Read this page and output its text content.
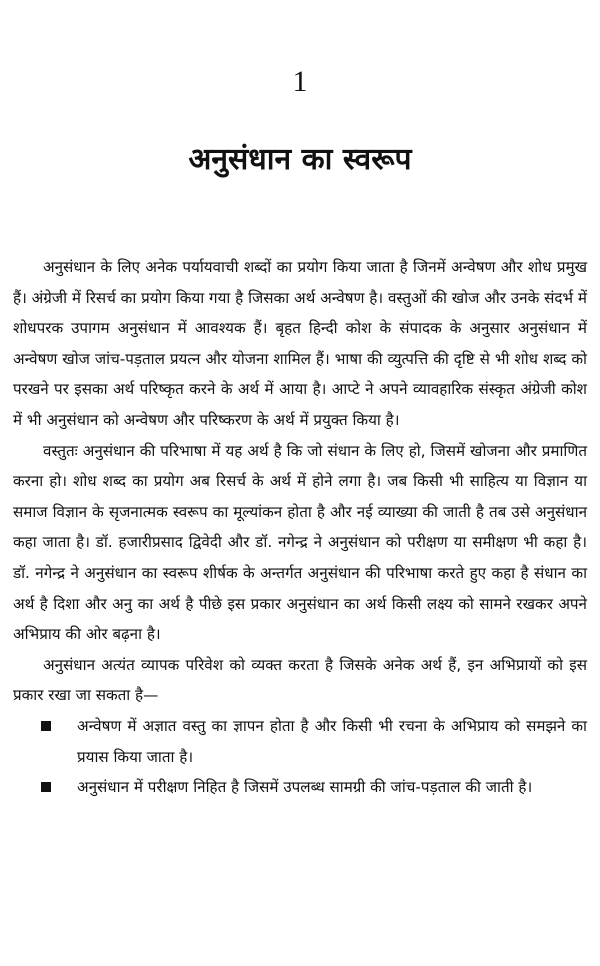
1
अनुसंधान का स्वरूप

अनुसंधान के लिए अनेक पर्यायवाची शब्दों का प्रयोग किया जाता है जिनमें अन्वेषण और शोध प्रमुख हैं। अंग्रेजी में रिसर्च का प्रयोग किया गया है जिसका अर्थ अन्वेषण है। वस्तुओं की खोज और उनके संदर्भ में शोधपरक उपागम अनुसंधान में आवश्यक हैं। बृहत हिन्दी कोश के संपादक के अनुसार अनुसंधान में अन्वेषण खोज जांच-पड़ताल प्रयत्न और योजना शामिल हैं। भाषा की व्युत्पत्ति की दृष्टि से भी शोध शब्द को परखने पर इसका अर्थ परिष्कृत करने के अर्थ में आया है। आप्टे ने अपने व्यावहारिक संस्कृत अंग्रेजी कोश में भी अनुसंधान को अन्वेषण और परिष्करण के अर्थ में प्रयुक्त किया है।

वस्तुतः अनुसंधान की परिभाषा में यह अर्थ है कि जो संधान के लिए हो, जिसमें खोजना और प्रमाणित करना हो। शोध शब्द का प्रयोग अब रिसर्च के अर्थ में होने लगा है। जब किसी भी साहित्य या विज्ञान या समाज विज्ञान के सृजनात्मक स्वरूप का मूल्यांकन होता है और नई व्याख्या की जाती है तब उसे अनुसंधान कहा जाता है। डॉ. हजारीप्रसाद द्विवेदी और डॉ. नगेन्द्र ने अनुसंधान को परीक्षण या समीक्षण भी कहा है। डॉ. नगेन्द्र ने अनुसंधान का स्वरूप शीर्षक के अन्तर्गत अनुसंधान की परिभाषा करते हुए कहा है संधान का अर्थ है दिशा और अनु का अर्थ है पीछे इस प्रकार अनुसंधान का अर्थ किसी लक्ष्य को सामने रखकर अपने अभिप्राय की ओर बढ़ना है।

अनुसंधान अत्यंत व्यापक परिवेश को व्यक्त करता है जिसके अनेक अर्थ हैं, इन अभिप्रायों को इस प्रकार रखा जा सकता है—

अन्वेषण में अज्ञात वस्तु का ज्ञापन होता है और किसी भी रचना के अभिप्राय को समझने का प्रयास किया जाता है।
अनुसंधान में परीक्षण निहित है जिसमें उपलब्ध सामग्री की जांच-पड़ताल की जाती है।
